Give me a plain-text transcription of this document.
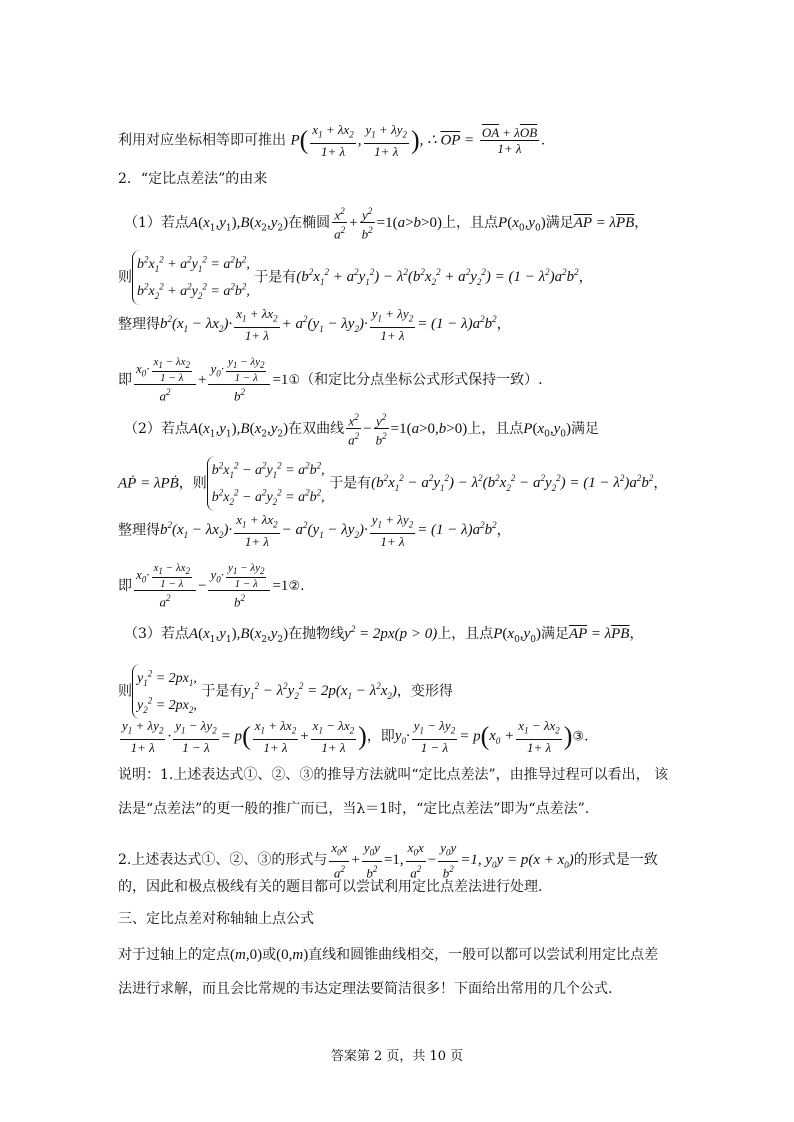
利用对应坐标相等即可推出 $P( \frac{x_1 + \lambda x_2}{1+ \lambda}$ , $\frac{y_1 + \lambda y_2}{1+ \lambda}$ ), ∴ $\overline{OP} = \frac{\overline{OA} + \lambda\overline{OB}}{1+ \lambda}$ .
2．“定比点差法”的由来
（1）若点$A(x_1,y_1),B(x_2,y_2)$在椭圆 $\frac{x^2}{a^2} + \frac{y^2}{b^2} =1(a>b>0)$上，且点$P(x_0,y_0)$满足$\overline{AP} = \lambda\overline{PB}$，
则$b^2x_1^2 + a^2y_1^2 = a^2b^2$,
$b^2x_2^2 + a^2y_2^2 = a^2b^2$, 于是有$(b^2x_1^2 + a^2y_1^2) - \lambda^2(b^2x_2^2 + a^2y_2^2) = (1 - \lambda^2)a^2b^2$，
整理得$b^2(x_1 - \lambda x_2)\cdot \frac{x_1 + \lambda x_2}{1+ \lambda} + a^2(y_1 - \lambda y_2)\cdot \frac{y_1 + \lambda y_2}{1+ \lambda} = (1 - \lambda)a^2b^2$，
即 $\frac{x_0\cdot \frac{x_1 - \lambda x_2}{1 - \lambda}}{a^2} + \frac{y_0\cdot \frac{y_1 - \lambda y_2}{1 - \lambda}}{b^2}$ =1①（和定比分点坐标公式形式保持一致）.
（2）若点$A(x_1,y_1),B(x_2,y_2)$在双曲线 $\frac{x^2}{a^2} - \frac{y^2}{b^2} =1(a>0,b>0)$上，且点$P(x_0,y_0)$满足
AṖ = λPḂ，则$b^2x_1^2 - a^2y_1^2 = a^2b^2$,
$b^2x_2^2 - a^2y_2^2 = a^2b^2$, 于是有$(b^2x_1^2 - a^2y_1^2) - \lambda^2(b^2x_2^2 - a^2y_2^2) = (1 - \lambda^2)a^2b^2$，
整理得$b^2(x_1 - \lambda x_2)\cdot \frac{x_1 + \lambda x_2}{1+ \lambda} - a^2(y_1 - \lambda y_2)\cdot \frac{y_1 + \lambda y_2}{1+ \lambda} = (1 - \lambda)a^2b^2$，
即 $\frac{x_0\cdot \frac{x_1 - \lambda x_2}{1 - \lambda}}{a^2} - \frac{y_0\cdot \frac{y_1 - \lambda y_2}{1 - \lambda}}{b^2}$ =1②.
（3）若点$A(x_1,y_1),B(x_2,y_2)$在抛物线$y^2 = 2px(p > 0)$上，且点$P(x_0,y_0)$满足$\overline{AP} = \lambda\overline{PB}$，
则$y_1^2 = 2px_1$,
$y_2^2 = 2px_2$, 于是有$y_1^2 - \lambda^2y_2^2 = 2p(x_1 - \lambda^2x_2)$，变形得
$\frac{y_1 + \lambda y_2}{1+ \lambda} \cdot \frac{y_1 - \lambda y_2}{1 - \lambda} = p( \frac{x_1 + \lambda x_2}{1+ \lambda} + \frac{x_1 - \lambda x_2}{1+ \lambda}$ )，即$y_0\cdot \frac{y_1 - \lambda y_2}{1 - \lambda} = p(x_0 + \frac{x_1 - \lambda x_2}{1+ \lambda}$ )③.
说明：1.上述表达式①、②、③的推导方法就叫“定比点差法”，由推导过程可以看出， 该
法是“点差法”的更一般的推广而已，当λ＝1时，“定比点差法”即为“点差法”.
2.上述表达式①、②、③的形式与 $\frac{x_0x}{a^2} + \frac{y_0y}{b^2} =1$, $\frac{x_0x}{a^2} - \frac{y_0y}{b^2} =1$, $y_0y = p(x + x_0)$的形式是一致
的，因此和极点极线有关的题目都可以尝试利用定比点差法进行处理.
三、定比点差对称轴轴上点公式
对于过轴上的定点(m,0)或(0,m)直线和圆锥曲线相交，一般可以都可以尝试利用定比点差
法进行求解，而且会比常规的韦达定理法要简洁很多！下面给出常用的几个公式.
答案第 2 页，共 10 页
